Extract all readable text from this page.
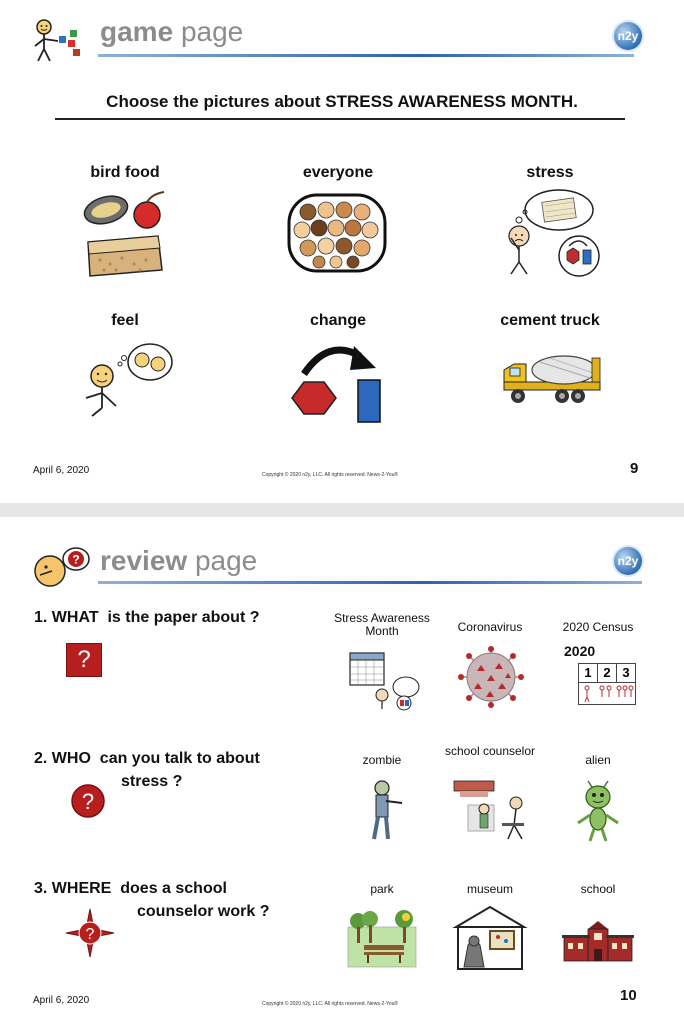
game page	n2y
Choose the pictures about STRESS AWARENESS MONTH.
bird food	everyone	stress
feel	change	cement truck
April 6, 2020	Copyright © 2020 n2y, LLC. All rights reserved. News-2-You®	9
? review page	n2y
1. WHAT  is the paper about ?
?
Stress Awareness Month	Coronavirus	2020 Census
2020
1 2 3
2. WHO  can you talk to about
stress ?
?
zombie
school counselor
alien
3. WHERE  does a school
counselor work ?
?
park	museum	school
April 6, 2020	Copyright © 2020 n2y, LLC. All rights reserved. News-2-You®	10
